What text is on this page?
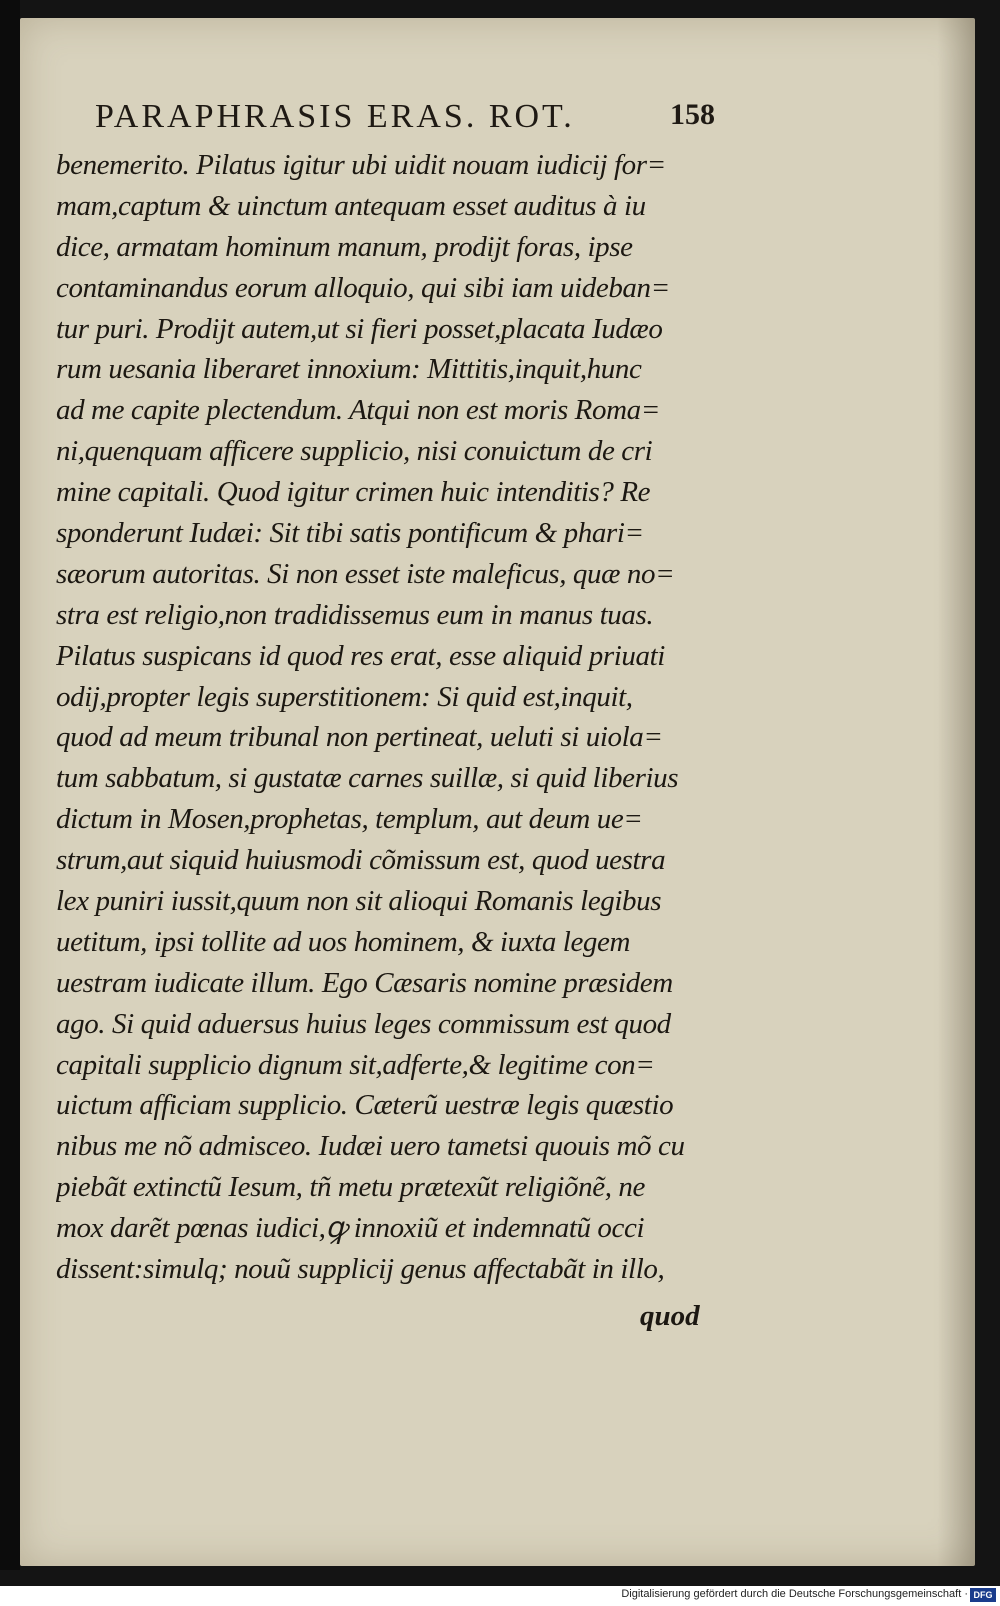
PARAPHRASIS ERAS. ROT.	158
benemerito. Pilatus igitur ubi uidit nouam iudicij for=
mam,captum & uinctum antequam esset auditus à iu
dice, armatam hominum manum, prodijt foras, ipse
contaminandus eorum alloquio, qui sibi iam uideban=
tur puri. Prodijt autem,ut si fieri posset,placata Iudæo
rum uesania liberaret innoxium: Mittitis,inquit,hunc
ad me capite plectendum. Atqui non est moris Roma=
ni,quenquam afficere supplicio, nisi conuictum de cri
mine capitali. Quod igitur crimen huic intenditis? Re
sponderunt Iudæi: Sit tibi satis pontificum & phari=
sæorum autoritas. Si non esset iste maleficus, quæ no=
stra est religio,non tradidissemus eum in manus tuas.
Pilatus suspicans id quod res erat, esse aliquid priuati
odij,propter legis superstitionem: Si quid est,inquit,
quod ad meum tribunal non pertineat, ueluti si uiola=
tum sabbatum, si gustatæ carnes suillæ, si quid liberius
dictum in Mosen,prophetas, templum, aut deum ue=
strum,aut siquid huiusmodi cõmissum est, quod uestra
lex puniri iussit,quum non sit alioqui Romanis legibus
uetitum, ipsi tollite ad uos hominem, & iuxta legem
uestram iudicate illum. Ego Cæsaris nomine præsidem
ago. Si quid aduersus huius leges commissum est quod
capitali supplicio dignum sit,adferte,& legitime con=
uictum afficiam supplicio. Cæterũ uestræ legis quæstio
nibus me nõ admisceo. Iudæi uero tametsi quouis mõ cu
piebãt extinctũ Iesum, tñ metu prætexũt religiõnẽ, ne
mox darẽt pœnas iudici,ꝙ innoxiũ et indemnatũ occi
dissent:simulq; nouũ supplicij genus affectabãt in illo,
quod
Digitalisierung gefördert durch die Deutsche Forschungsgemeinschaft · DFG
